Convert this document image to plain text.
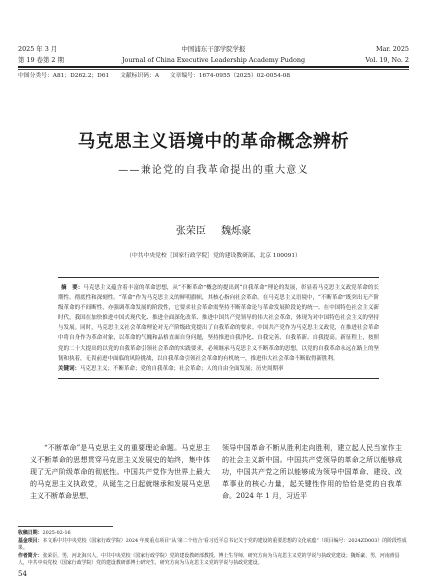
2025 年 3 月	中国浦东干部学院学报	Mar. 2025
第 19 卷第 2 期	Journal of China Executive Leadership Academy Pudong	Vol. 19, No. 2
中图分类号：A81；D262.2；D61 文献标识码：A 文章编号：1674-0955（2025）02-0054-08
马克思主义语境中的革命概念辨析
——兼论党的自我革命提出的重大意义
张荣臣 魏烁豪
（中共中央党校［国家行政学院］党的建设教研部，北京 100091）

摘　要：马克思主义蕴含着丰富的革命思想，从“不断革命”概念的提出到“自我革命”理论的发展，彰显着马克思主义政党革命的长期性、彻底性和深刻性。“革命”作为马克思主义的鲜明旗帜，其核心指向社会革命。在马克思主义语境中，“不断革命”既突出无产阶级革命的不间断性，亦强调革命发展的阶段性，它要求社会革命需坚持不断革命论与革命发展阶段论的统一。在中国特色社会主义新时代，我国在加快推进中国式现代化、推进全面深化改革、推进中国共产党领导的伟大社会革命，体现为对中国特色社会主义的坚持与发展。同时，马克思主义社会革命理论对无产阶级政党提出了自我革命的要求。中国共产党作为马克思主义政党，在推进社会革命中将自身作为革命对象，以革命的气魄和品格直面自身问题，坚持推进自我净化、自我完善、自我革新、自我提高。新征程上，按照党的二十大提出的以党的自我革命引领社会革命的实践要求，必须继承马克思主义不断革命的思想，以党的自我革命永远在路上的坚韧和执着，无畏前进中面临的风险挑战，以自我革命引领社会革命的有机统一，推进伟大社会革命不断取得新胜利。

关键词：马克思主义；不断革命；党的自我革命；社会革命；人的自由全面发展；历史周期率

“不断革命”是马克思主义的重要理论命题。马克思主义不断革命的思想贯穿马克思主义发展史的始终，集中体现了无产阶级革命的彻底性。中国共产党作为世界上最大的马克思主义执政党，从诞生之日起就继承和发展马克思主义不断革命思想，

领导中国革命不断从胜利走向胜利，建立起人民当家作主的社会主义新中国。中国共产党领导的革命之所以能够成功，中国共产党之所以能够成为领导中国革命、建设、改革事业的核心力量，起关键性作用的恰恰是党的自我革命。2024 年 1 月，习近平

收稿日期：2025-02-16

基金项目：本文系中共中央党校（国家行政学院）2024 年度重点项目“从‘第二个结合’看习近平总书记关于党的建设的重要思想的文化底蕴”（项目编号：2024ZD003）的阶段性成果。

作者简介：张荣臣，男，河北海兴人，中共中央党校（国家行政学院）党的建设教研部教授、博士生导师，研究方向为马克思主义党的学说与执政党建设；魏烁豪，男，河南滑县人，中共中央党校（国家行政学院）党的建设教研部博士研究生，研究方向为马克思主义党的学说与执政党建设。

54
